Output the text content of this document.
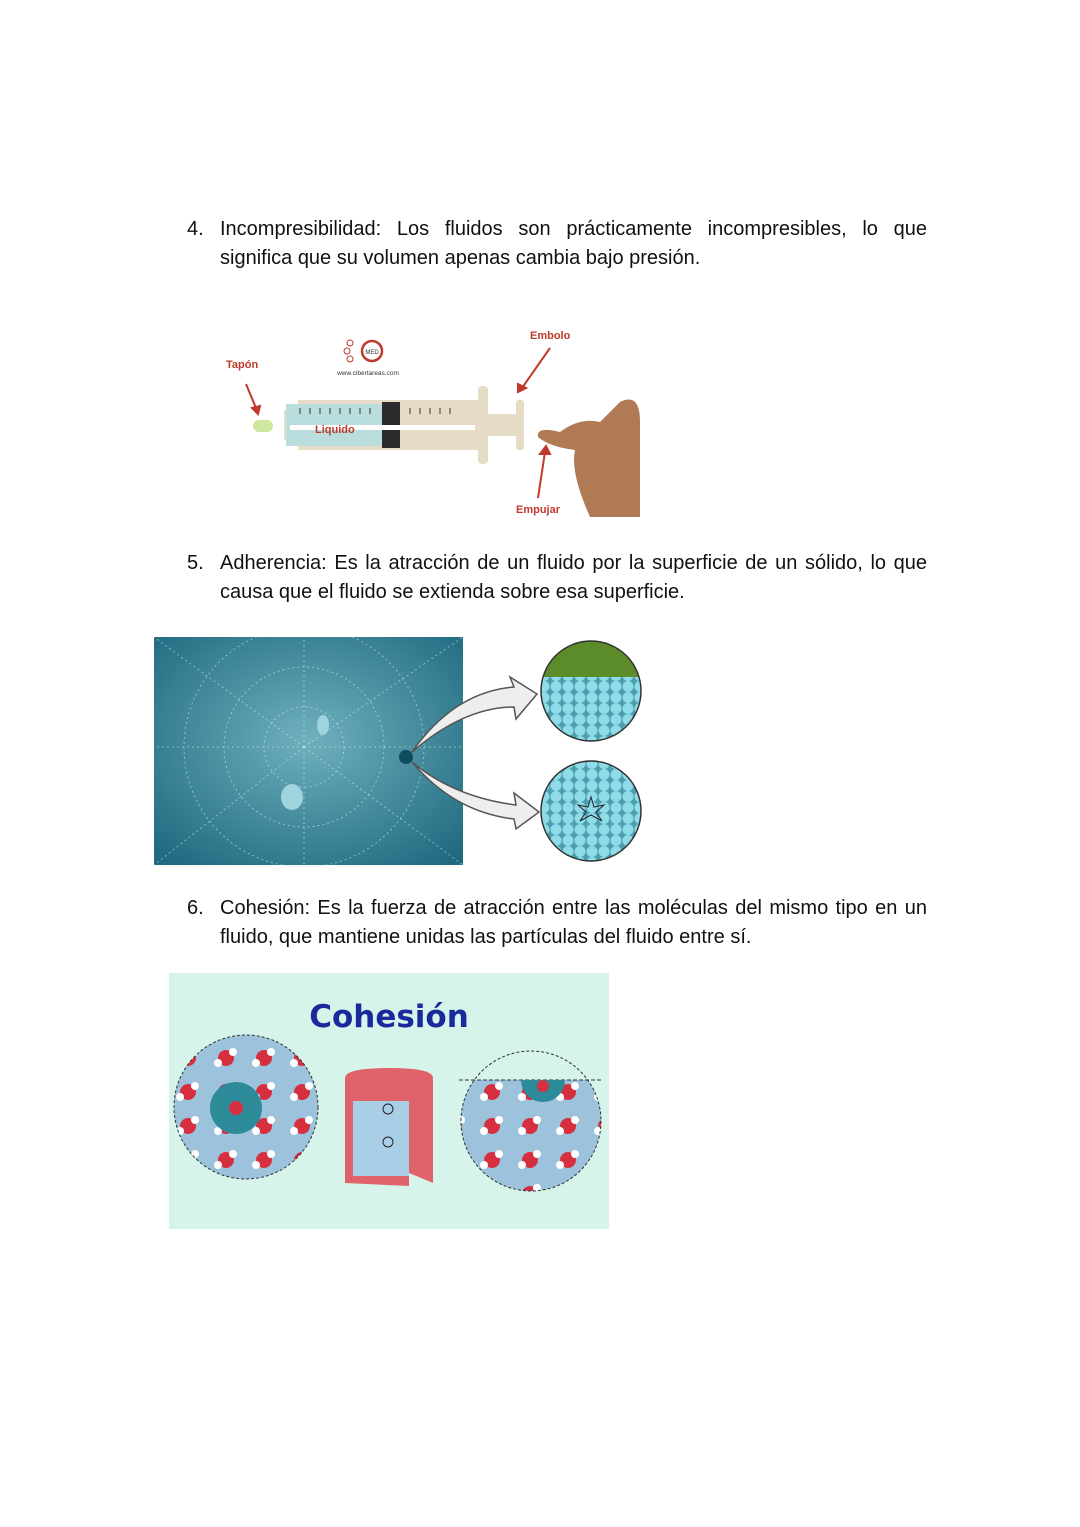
4. Incompresibilidad: Los fluidos son prácticamente incompresibles, lo que significa que su volumen apenas cambia bajo presión.
MED
www.cibertareas.com
Tapón
Embolo
Liquido
Empujar
5. Adherencia: Es la atracción de un fluido por la superficie de un sólido, lo que causa que el fluido se extienda sobre esa superficie.
6. Cohesión: Es la fuerza de atracción entre las moléculas del mismo tipo en un fluido, que mantiene unidas las partículas del fluido entre sí.
Cohesión
